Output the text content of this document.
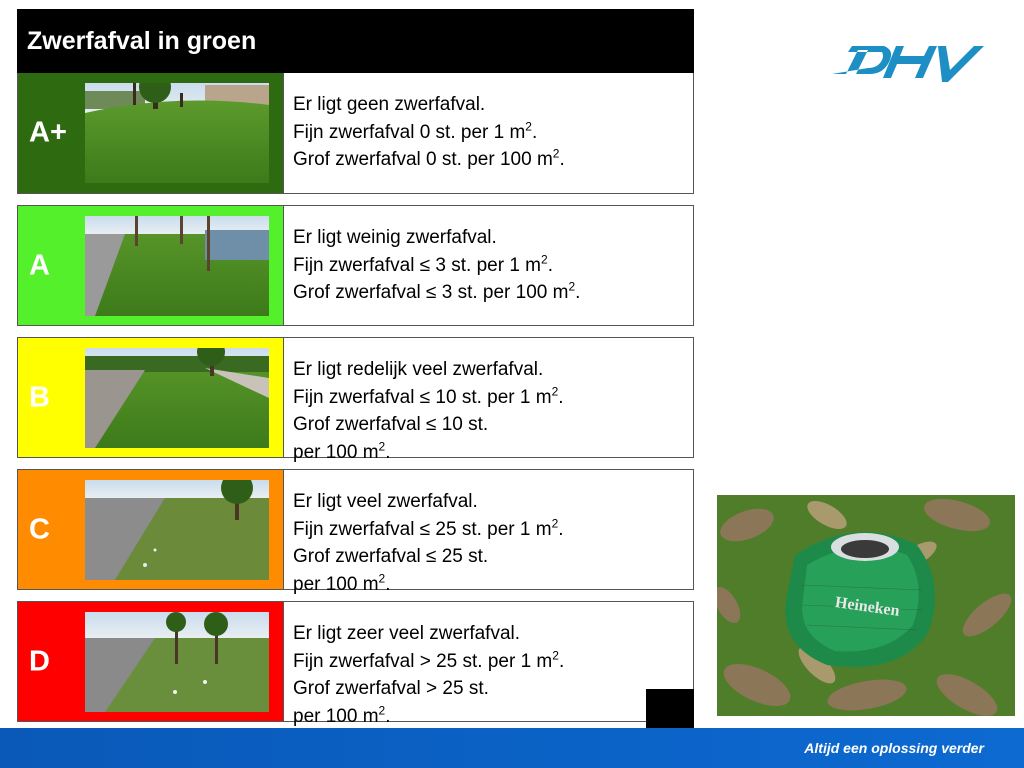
Zwerfafval in groen
A+
Er ligt geen zwerfafval.
Fijn zwerfafval 0 st. per 1 $m^2$.
Grof zwerfafval 0 st. per 100 $m^2$.
A
Er ligt weinig zwerfafval.
Fijn zwerfafval ≤ 3 st. per 1 $m^2$.
Grof zwerfafval ≤ 3 st. per 100 $m^2$.
B
Er ligt redelijk veel zwerfafval.
Fijn zwerfafval ≤ 10 st. per 1 $m^2$.
Grof zwerfafval ≤ 10 st.
per 100 $m^2$.
C
Er ligt veel zwerfafval.
Fijn zwerfafval ≤ 25 st. per 1 $m^2$.
Grof zwerfafval ≤ 25 st.
per 100 $m^2$.
D
Er ligt zeer veel zwerfafval.
Fijn zwerfafval > 25 st. per 1 $m^2$.
Grof zwerfafval > 25 st.
per 100 $m^2$.
Heineken
Altijd een oplossing verder
